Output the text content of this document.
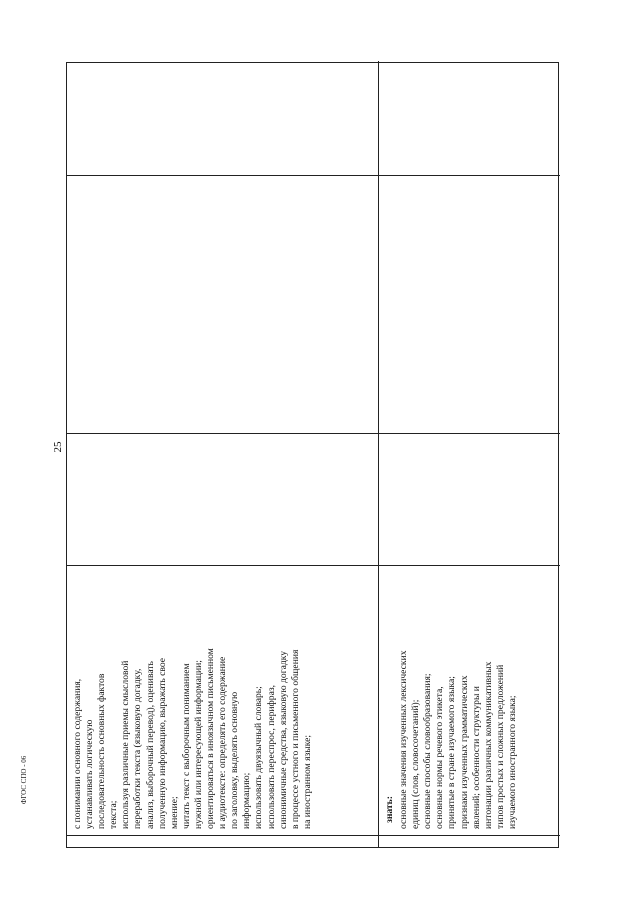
25
ФГОС СПО - 06	с понимании основного содержания, устанавливать логическую последовательность основных фактов текста; используя различные приемы смысловой переработки текста (языковую догадку, анализ, выборочный перевод), оценивать полученную информацию, выражать свое мнение; читать текст с выборочным пониманием нужной или интересующей информации; ориентироваться в иноязычном письменном и аудиотексте: определять его содержание по заголовку, выделять основную информацию; использовать двуязычный словарь; использовать переспрос, перифраз, синонимичные средства, языковую догадку в процессе устного и письменного общения на иностранном языке;	знать: основные значения изученных лексических единиц (слов, словосочетаний); основные способы словообразования; основные нормы речевого этикета, принятые в стране изучаемого языка; признаки изученных грамматических явлений; особенности структуры и интонации различных коммуникативных типов простых и сложных предложений изучаемого иностранного языка;
